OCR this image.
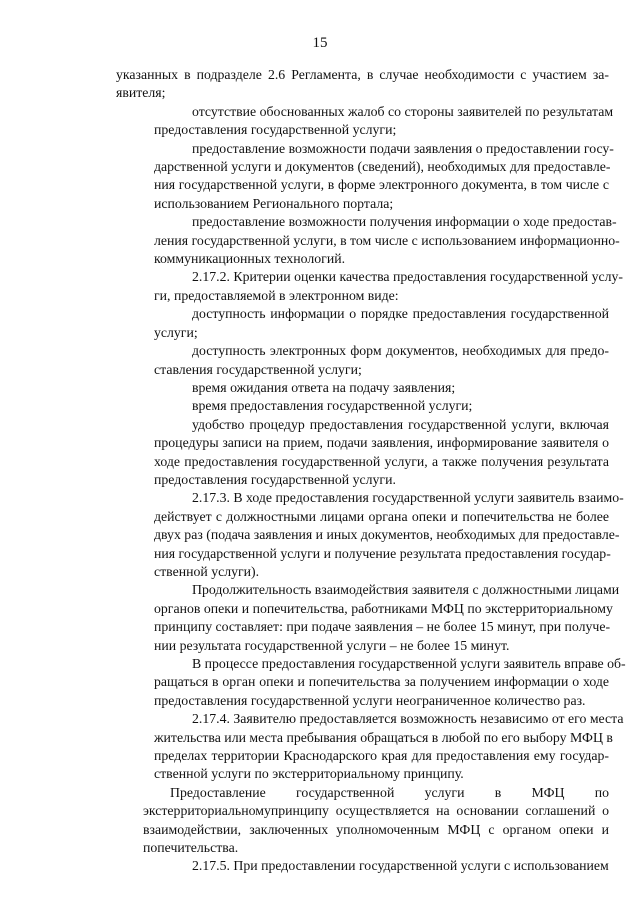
15
указанных в подразделе 2.6 Регламента, в случае необходимости с участием за-
явителя;
отсутствие обоснованных жалоб со стороны заявителей по результатам
предоставления государственной услуги;
предоставление возможности подачи заявления о предоставлении госу-
дарственной услуги и документов (сведений), необходимых для предоставле-
ния государственной услуги, в форме электронного документа, в том числе с
использованием Регионального портала;
предоставление возможности получения информации о ходе предостав-
ления государственной услуги, в том числе с использованием информационно-
коммуникационных технологий.
2.17.2. Критерии оценки качества предоставления государственной услу-
ги, предоставляемой в электронном виде:
доступность информации о порядке предоставления государственной
услуги;
доступность электронных форм документов, необходимых для предо-
ставления государственной услуги;
время ожидания ответа на подачу заявления;
время предоставления государственной услуги;
удобство процедур предоставления государственной услуги, включая
процедуры записи на прием, подачи заявления, информирование заявителя о
ходе предоставления государственной услуги, а также получения результата
предоставления государственной услуги.
2.17.3. В ходе предоставления государственной услуги заявитель взаимо-
действует с должностными лицами органа опеки и попечительства не более
двух раз (подача заявления и иных документов, необходимых для предоставле-
ния государственной услуги и получение результата предоставления государ-
ственной услуги).
Продолжительность взаимодействия заявителя с должностными лицами
органов опеки и попечительства, работниками МФЦ по экстерриториальному
принципу составляет: при подаче заявления – не более 15 минут, при получе-
нии результата государственной услуги – не более 15 минут.
В процессе предоставления государственной услуги заявитель вправе об-
ращаться в орган опеки и попечительства за получением информации о ходе
предоставления государственной услуги неограниченное количество раз.
2.17.4. Заявителю предоставляется возможность независимо от его места
жительства или места пребывания обращаться в любой по его выбору МФЦ в
пределах территории Краснодарского края для предоставления ему государ-
ственной услуги по экстерриториальному принципу.
Предоставление государственной услуги в МФЦ по
экстерриториальномупринципу осуществляется на основании соглашений о
взаимодействии, заключенных уполномоченным МФЦ с органом опеки и
попечительства.
2.17.5. При предоставлении государственной услуги с использованием
